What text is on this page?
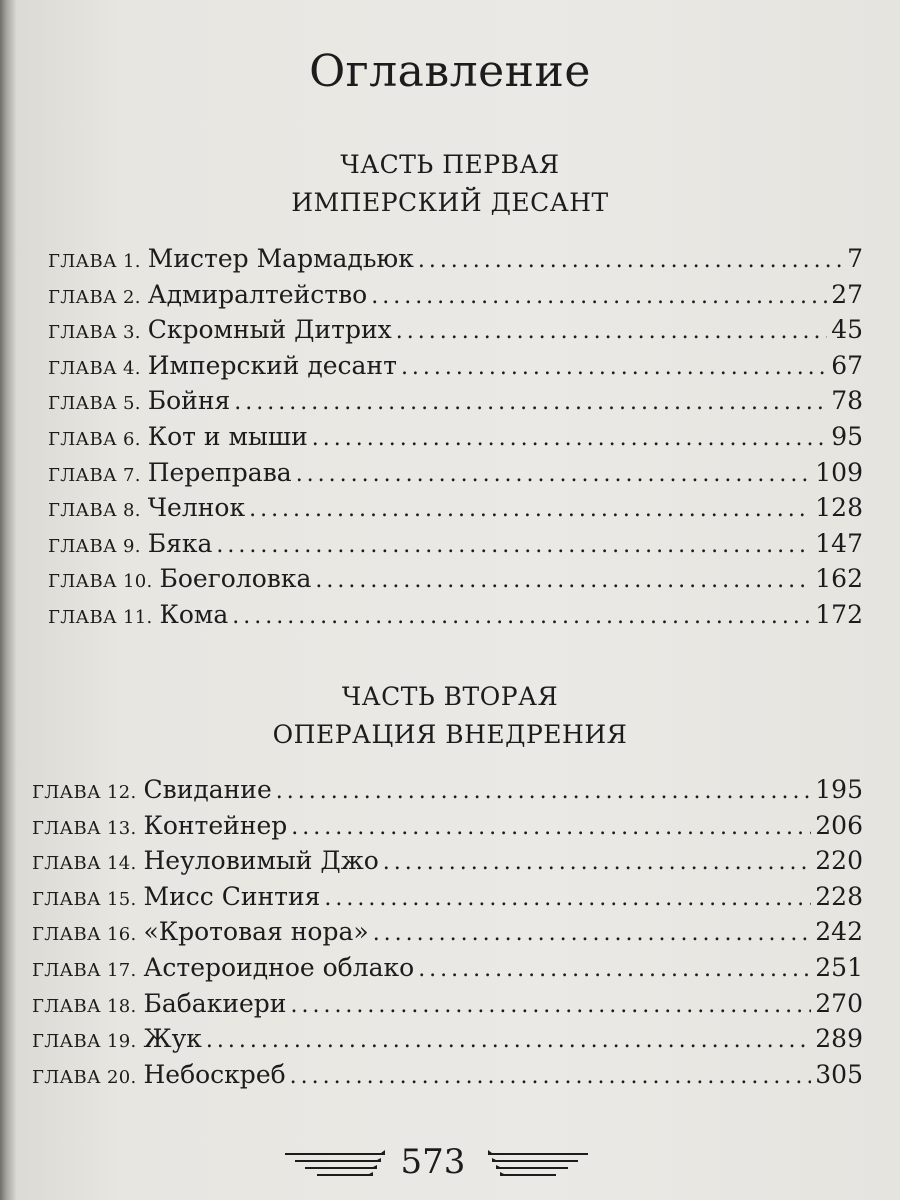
Оглавление
ЧАСТЬ ПЕРВАЯ
ИМПЕРСКИЙ ДЕСАНТ
ГЛАВА 1. Мистер Мармадьюк .....	7
ГЛАВА 2. Адмиралтейство .....	27
ГЛАВА 3. Скромный Дитрих .....	45
ГЛАВА 4. Имперский десант .....	67
ГЛАВА 5. Бойня .....	78
ГЛАВА 6. Кот и мыши .....	95
ГЛАВА 7. Переправа .....	109
ГЛАВА 8. Челнок .....	128
ГЛАВА 9. Бяка .....	147
ГЛАВА 10. Боеголовка .....	162
ГЛАВА 11. Кома .....	172
ЧАСТЬ ВТОРАЯ
ОПЕРАЦИЯ ВНЕДРЕНИЯ
ГЛАВА 12. Свидание .....	195
ГЛАВА 13. Контейнер .....	206
ГЛАВА 14. Неуловимый Джо .....	220
ГЛАВА 15. Мисс Синтия .....	228
ГЛАВА 16. «Кротовая нора» .....	242
ГЛАВА 17. Астероидное облако .....	251
ГЛАВА 18. Бабакиери .....	270
ГЛАВА 19. Жук .....	289
ГЛАВА 20. Небоскреб .....	305
573
